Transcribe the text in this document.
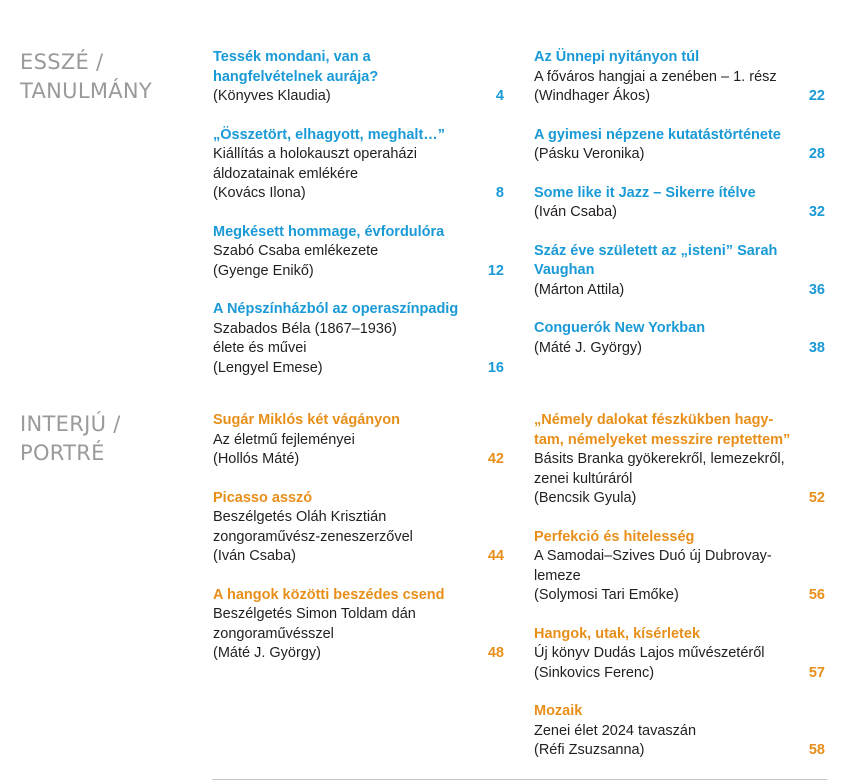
ESSZÉ /
TANULMÁNY
Tessék mondani, van a
hangfelvételnek aurája?
(Könyves Klaudia)	4
„Összetört, elhagyott, meghalt…”
Kiállítás a holokauszt operaházi
áldozatainak emlékére
(Kovács Ilona)	8
Megkésett hommage, évfordulóra
Szabó Csaba emlékezete
(Gyenge Enikő)	12
A Népszínházból az operaszínpadig
Szabados Béla (1867–1936)
élete és művei
(Lengyel Emese)	16
Az Ünnepi nyitányon túl
A főváros hangjai a zenében – 1. rész
(Windhager Ákos)	22
A gyimesi népzene kutatástörténete
(Pásku Veronika)	28
Some like it Jazz – Sikerre ítélve
(Iván Csaba)	32
Száz éve született az „isteni” Sarah
Vaughan
(Márton Attila)	36
Conguerók New Yorkban
(Máté J. György)	38
INTERJÚ /
PORTRÉ
Sugár Miklós két vágányon
Az életmű fejleményei
(Hollós Máté)	42
Picasso asszó
Beszélgetés Oláh Krisztián
zongoraművész-zeneszerzővel
(Iván Csaba)	44
A hangok közötti beszédes csend
Beszélgetés Simon Toldam dán
zongoraművésszel
(Máté J. György)	48
„Némely dalokat fészkükben hagy-
tam, némelyeket messzire reptettem”
Básits Branka gyökerekről, lemezekről,
zenei kultúráról
(Bencsik Gyula)	52
Perfekció és hitelesség
A Samodai–Szives Duó új Dubrovay-
lemeze
(Solymosi Tari Emőke)	56
Hangok, utak, kísérletek
Új könyv Dudás Lajos művészetéről
(Sinkovics Ferenc)	57
Mozaik
Zenei élet 2024 tavaszán
(Réfi Zsuzsanna)	58
